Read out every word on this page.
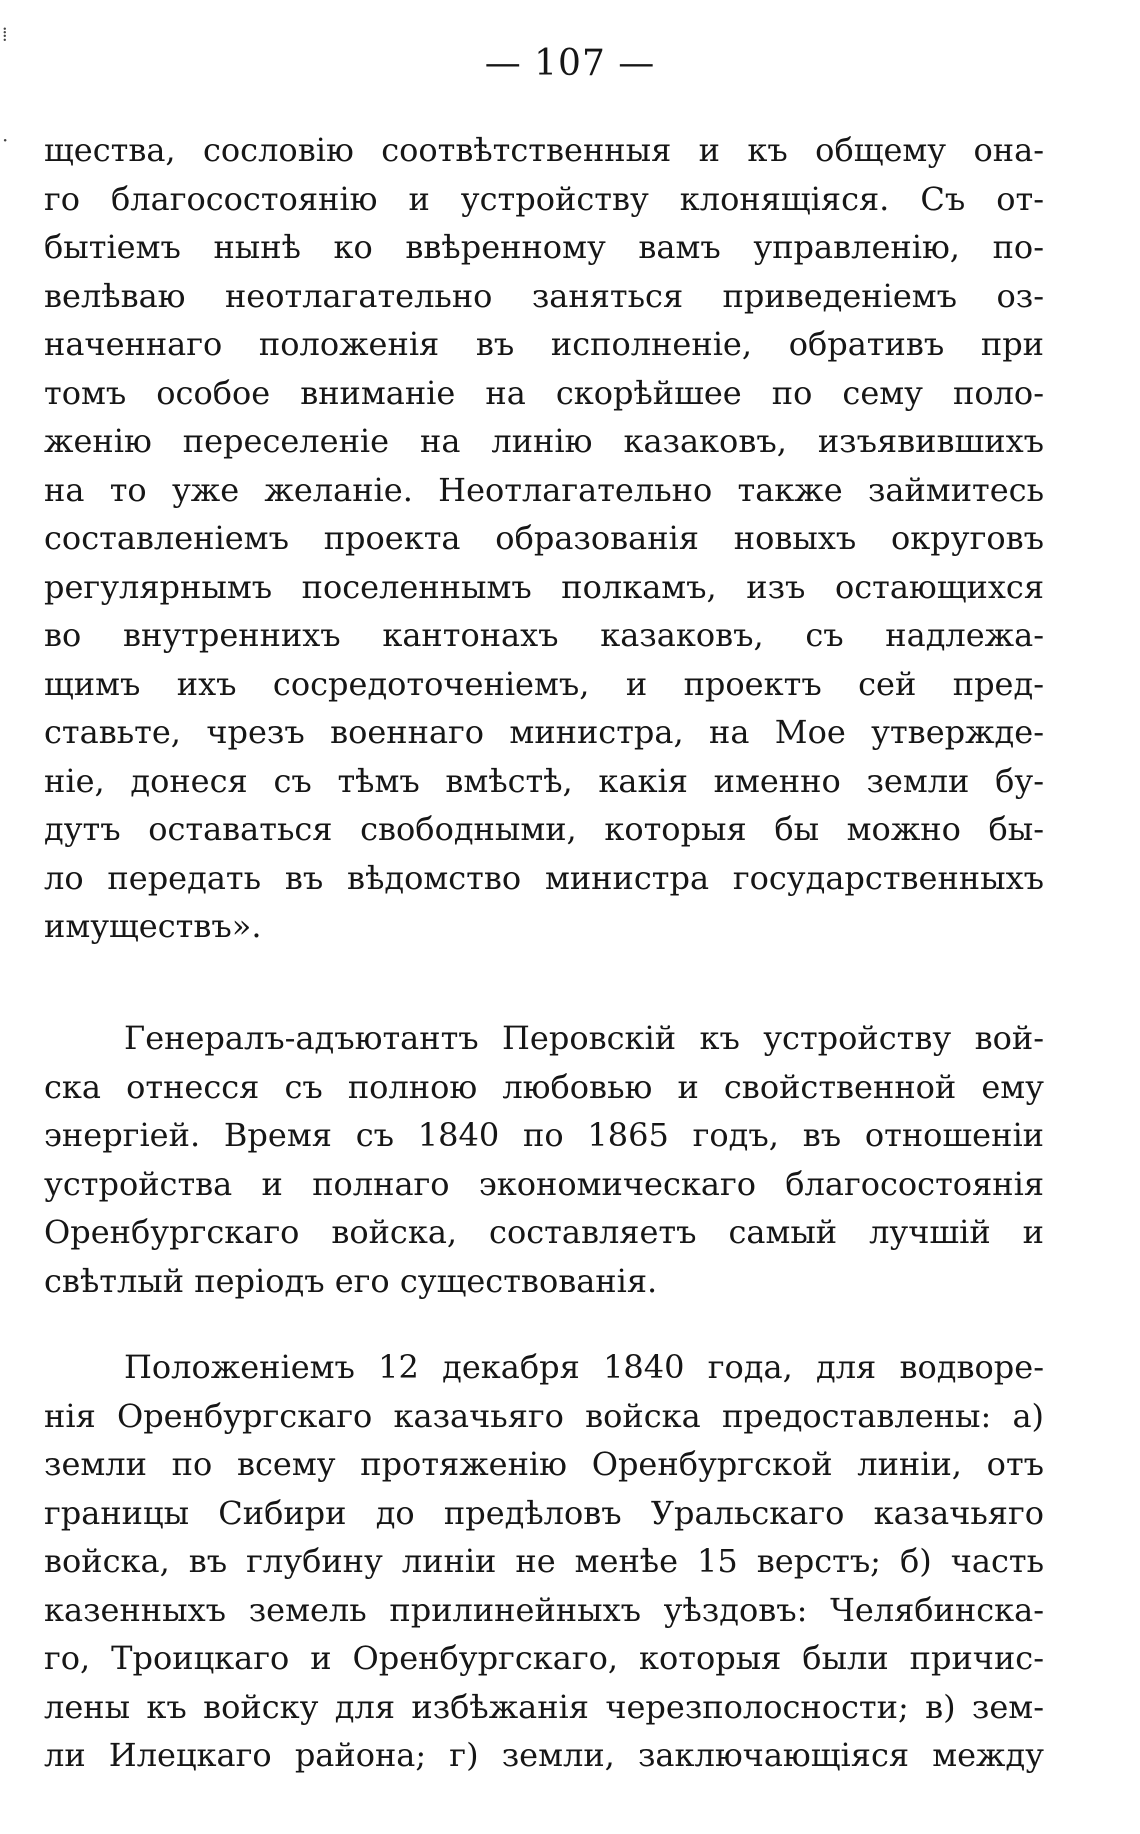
⁞
·
— 107 —
щества, сословію соотвѣтственныя и къ общему она-
го благосостоянію и устройству клонящіяся. Съ от-
бытіемъ нынѣ ко ввѣренному вамъ управленію, по-
велѣваю неотлагательно заняться приведеніемъ оз-
наченнаго положенія въ исполненіе, обративъ при
томъ особое вниманіе на скорѣйшее по сему поло-
женію переселеніе на линію казаковъ, изъявившихъ
на то уже желаніе. Неотлагательно также займитесь
составленіемъ проекта образованія новыхъ округовъ
регулярнымъ поселеннымъ полкамъ, изъ остающихся
во внутреннихъ кантонахъ казаковъ, съ надлежа-
щимъ ихъ сосредоточеніемъ, и проектъ сей пред-
ставьте, чрезъ военнаго министра, на Мое утвержде-
ніе, донеся съ тѣмъ вмѣстѣ, какія именно земли бу-
дутъ оставаться свободными, которыя бы можно бы-
ло передать въ вѣдомство министра государственныхъ
имуществъ».
Генералъ-адъютантъ Перовскій къ устройству вой-
ска отнесся съ полною любовью и свойственной ему
энергіей. Время съ 1840 по 1865 годъ, въ отношеніи
устройства и полнаго экономическаго благосостоянія
Оренбургскаго войска, составляетъ самый лучшій и
свѣтлый періодъ его существованія.
Положеніемъ 12 декабря 1840 года, для водворе-
нія Оренбургскаго казачьяго войска предоставлены: а)
земли по всему протяженію Оренбургской линіи, отъ
границы Сибири до предѣловъ Уральскаго казачьяго
войска, въ глубину линіи не менѣе 15 верстъ; б) часть
казенныхъ земель прилинейныхъ уѣздовъ: Челябинска-
го, Троицкаго и Оренбургскаго, которыя были причис-
лены къ войску для избѣжанія черезполосности; в) зем-
ли Илецкаго района; г) земли, заключающіяся между
